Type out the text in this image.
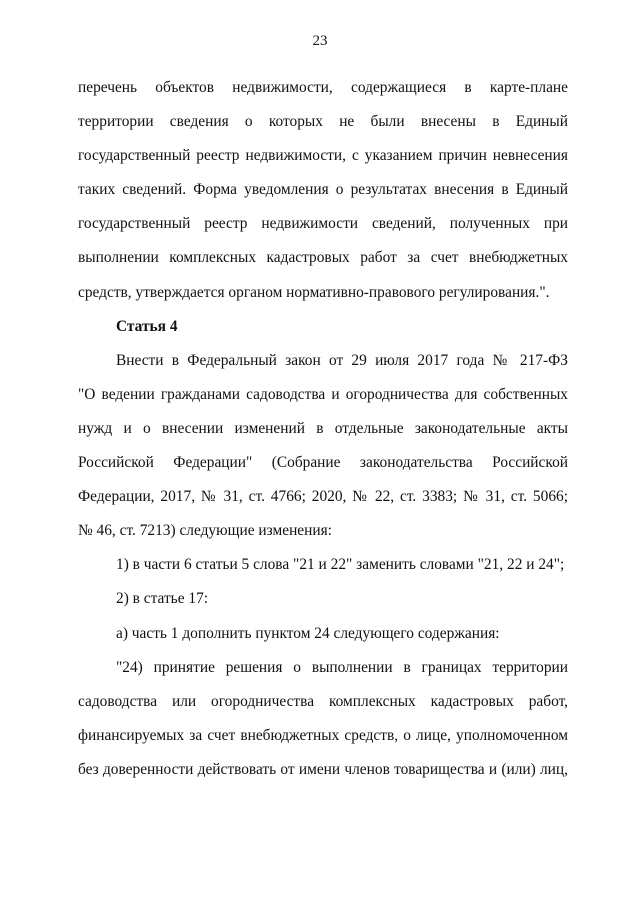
23
перечень объектов недвижимости, содержащиеся в карте-плане
территории сведения о которых не были внесены в Единый
государственный реестр недвижимости, с указанием причин невнесения
таких сведений. Форма уведомления о результатах внесения в Единый
государственный реестр недвижимости сведений, полученных при
выполнении комплексных кадастровых работ за счет внебюджетных
средств, утверждается органом нормативно-правового регулирования.".
Статья 4
Внести в Федеральный закон от 29 июля 2017 года № 217-ФЗ
"О ведении гражданами садоводства и огородничества для собственных
нужд и о внесении изменений в отдельные законодательные акты
Российской Федерации" (Собрание законодательства Российской
Федерации, 2017, № 31, ст. 4766; 2020, № 22, ст. 3383; № 31, ст. 5066;
№ 46, ст. 7213) следующие изменения:
1) в части 6 статьи 5 слова "21 и 22" заменить словами "21, 22 и 24";
2) в статье 17:
а) часть 1 дополнить пунктом 24 следующего содержания:
"24) принятие решения о выполнении в границах территории
садоводства или огородничества комплексных кадастровых работ,
финансируемых за счет внебюджетных средств, о лице, уполномоченном
без доверенности действовать от имени членов товарищества и (или) лиц,
